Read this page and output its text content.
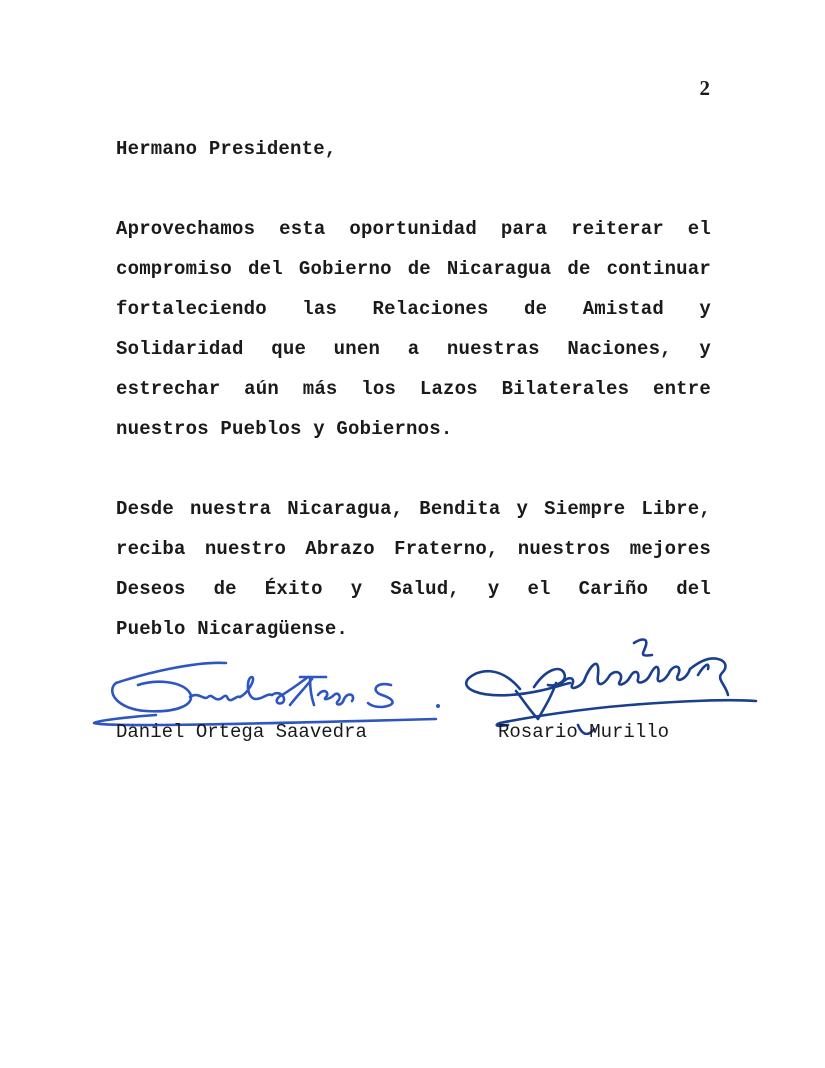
2
Hermano Presidente,
Aprovechamos esta oportunidad para reiterar el
compromiso del Gobierno de Nicaragua de continuar
fortaleciendo las Relaciones de Amistad y
Solidaridad que unen a nuestras Naciones, y
estrechar aún más los Lazos Bilaterales entre
nuestros Pueblos y Gobiernos.
Desde nuestra Nicaragua, Bendita y Siempre Libre,
reciba nuestro Abrazo Fraterno, nuestros mejores
Deseos de Éxito y Salud, y el Cariño del
Pueblo Nicaragüense.
Daniel Ortega Saavedra	Rosario Murillo
